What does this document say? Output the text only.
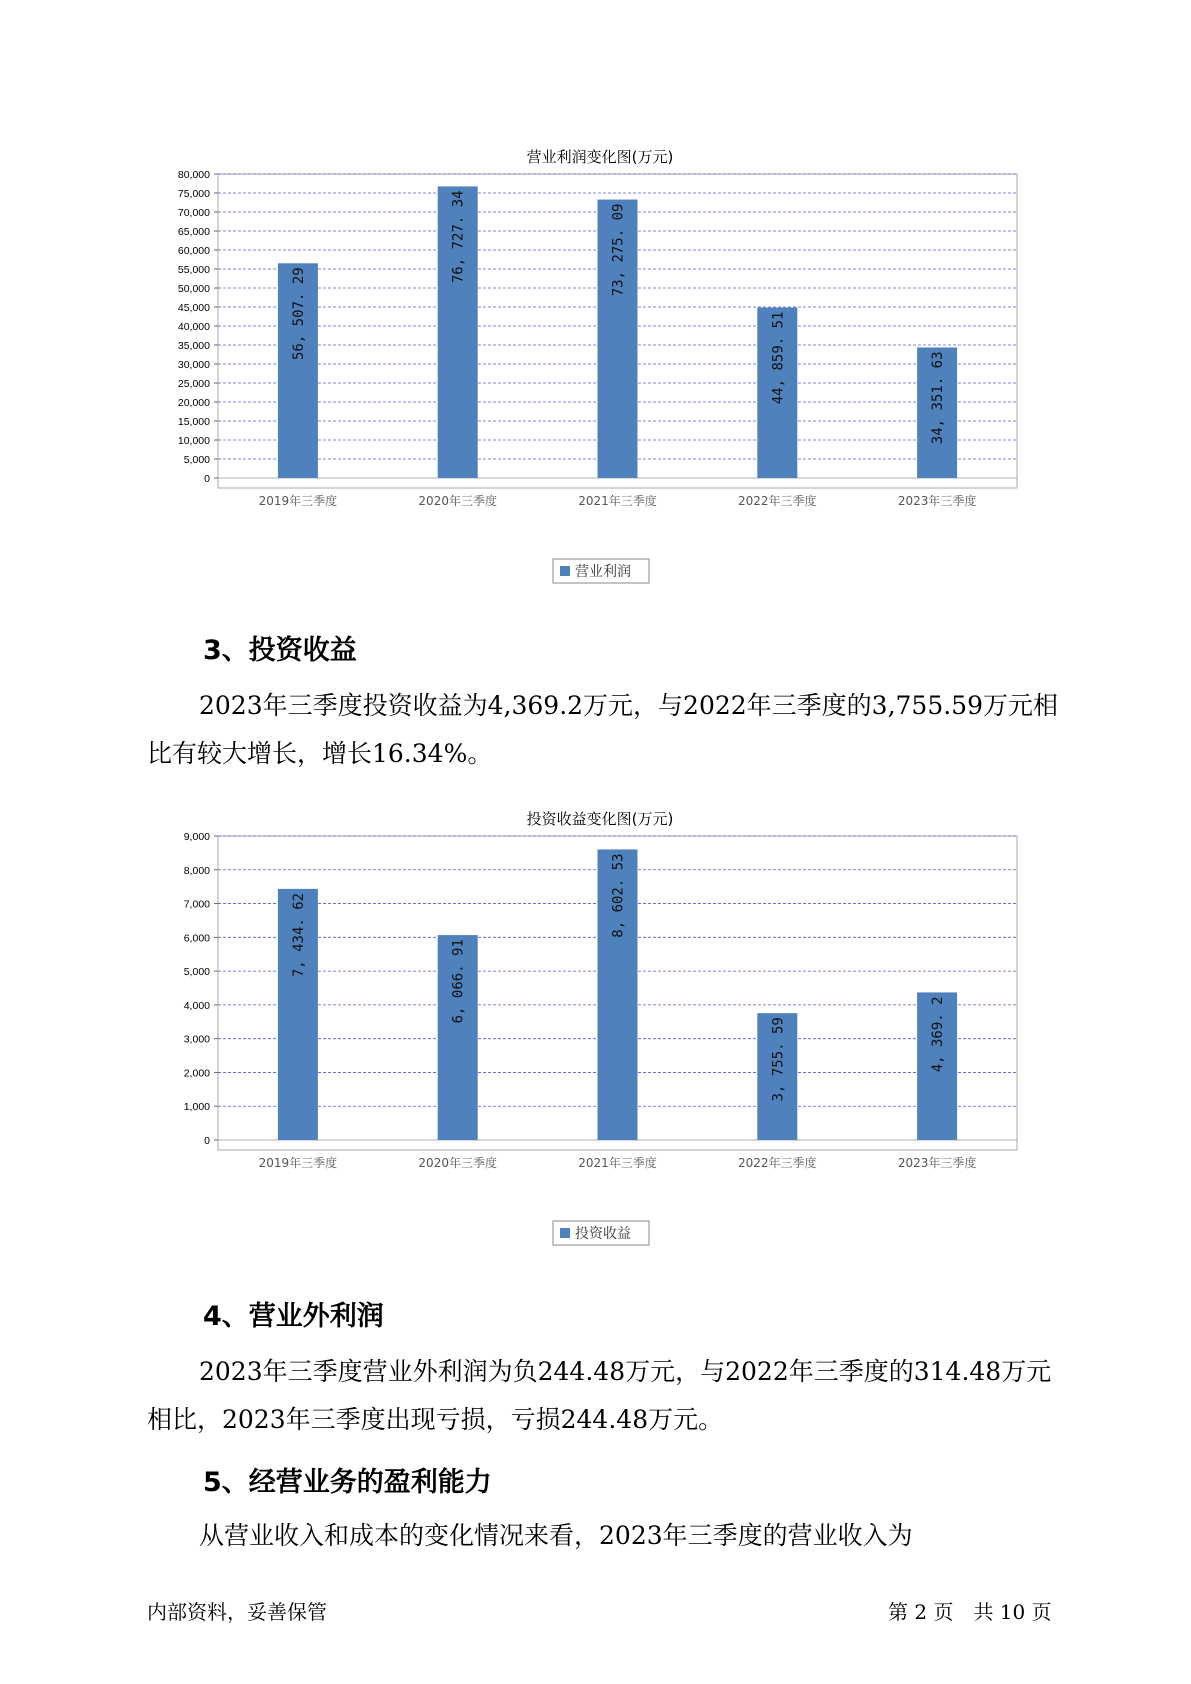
营业利润变化图(万元)
0
5,000
10,000
15,000
20,000
25,000
30,000
35,000
40,000
45,000
50,000
55,000
60,000
65,000
70,000
75,000
80,000
56, 507. 29
76, 727. 34	73, 275. 09
44, 859. 51	34, 351. 63
2019年三季度	2020年三季度	2021年三季度	2022年三季度	2023年三季度
营业利润
3、投资收益

2023年三季度投资收益为4,369.2万元，与2022年三季度的3,755.59万元相比有较大增长，增长16.34%。

投资收益变化图(万元)
0
1,000
2,000
3,000
4,000
5,000
6,000
7,000
8,000
9,000
7, 434. 62
6, 066. 91
8, 602. 53
3, 755. 59	4, 369. 2
2019年三季度	2020年三季度	2021年三季度	2022年三季度	2023年三季度
投资收益
4、营业外利润

2023年三季度营业外利润为负244.48万元，与2022年三季度的314.48万元相比，2023年三季度出现亏损，亏损244.48万元。

5、经营业务的盈利能力

从营业收入和成本的变化情况来看，2023年三季度的营业收入为

内部资料，妥善保管	第 2 页　共 10 页
